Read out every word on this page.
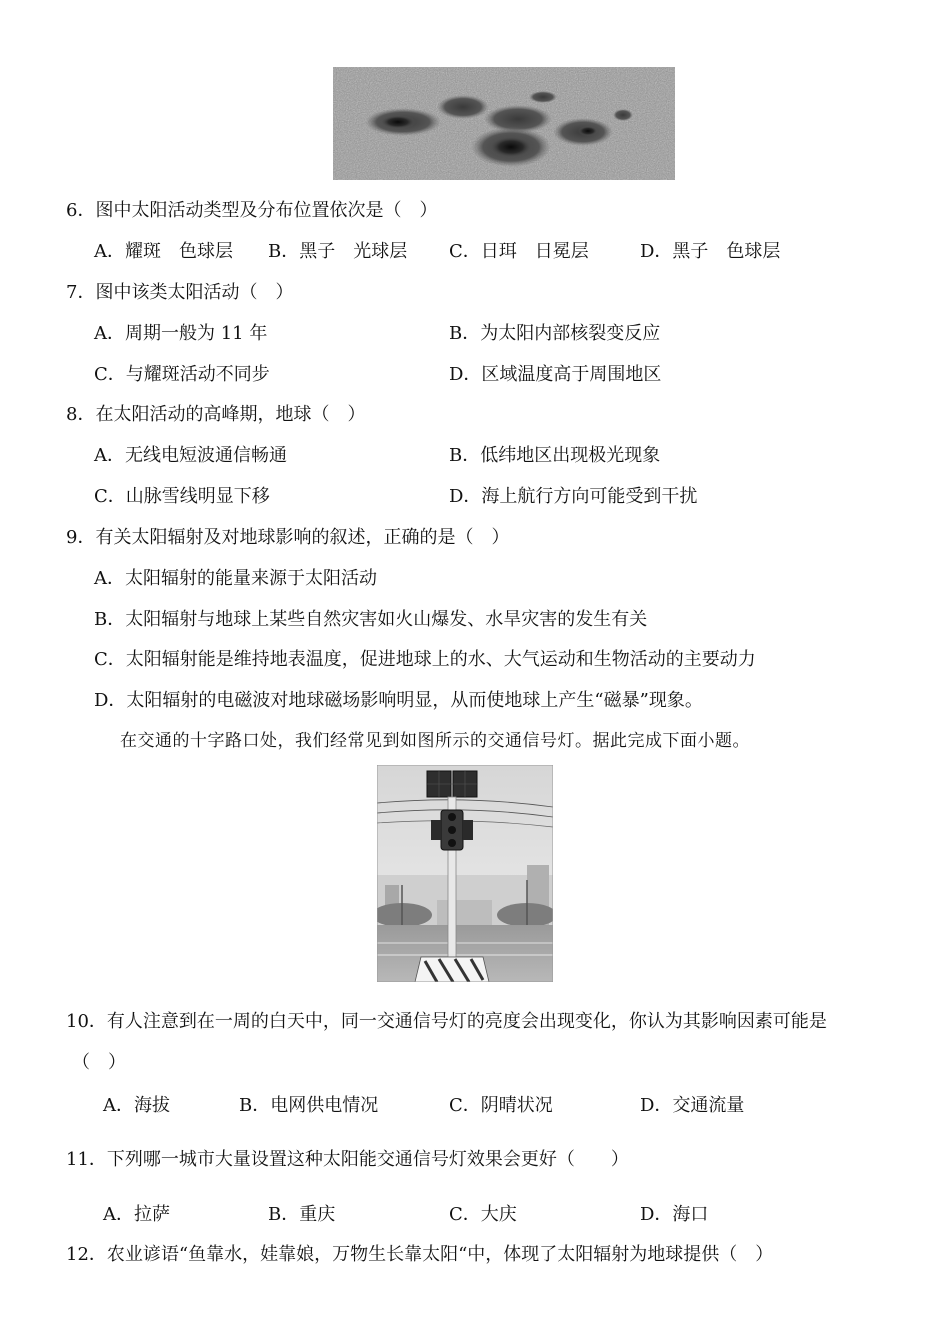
6．图中太阳活动类型及分布位置依次是（　）
A．耀斑　色球层 B．黑子　光球层 C．日珥　日冕层	D．黑子　色球层
7．图中该类太阳活动（　）
A．周期一般为 11 年	B．为太阳内部核裂变反应
C．与耀斑活动不同步	D．区域温度高于周围地区
8．在太阳活动的高峰期，地球（　）
A．无线电短波通信畅通	B．低纬地区出现极光现象
C．山脉雪线明显下移	D．海上航行方向可能受到干扰
9．有关太阳辐射及对地球影响的叙述，正确的是（　）
A．太阳辐射的能量来源于太阳活动
B．太阳辐射与地球上某些自然灾害如火山爆发、水旱灾害的发生有关
C．太阳辐射能是维持地表温度，促进地球上的水、大气运动和生物活动的主要动力
D．太阳辐射的电磁波对地球磁场影响明显，从而使地球上产生“磁暴”现象。
在交通的十字路口处，我们经常见到如图所示的交通信号灯。据此完成下面小题。
10．有人注意到在一周的白天中，同一交通信号灯的亮度会出现变化，你认为其影响因素可能是
（　）
A．海拔	B．电网供电情况	C．阴晴状况	D．交通流量
11．下列哪一城市大量设置这种太阳能交通信号灯效果会更好（　　）
A．拉萨	B．重庆	C．大庆	D．海口
12．农业谚语“鱼靠水，娃靠娘，万物生长靠太阳“中，体现了太阳辐射为地球提供（　）
